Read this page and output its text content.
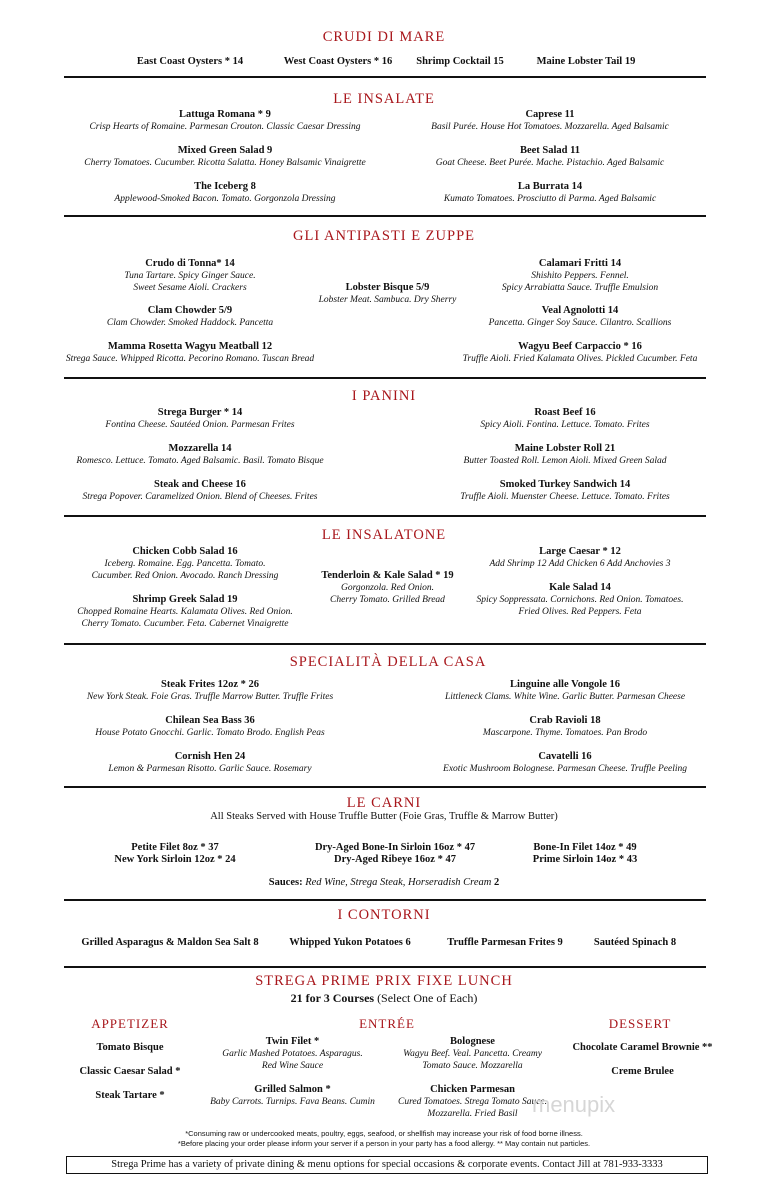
CRUDI DI MARE
East Coast Oysters * 14	West Coast Oysters * 16	Shrimp Cocktail 15	Maine Lobster Tail 19
LE INSALATE
Lattuga Romana * 9
Crisp Hearts of Romaine. Parmesan Crouton. Classic Caesar Dressing
Mixed Green Salad 9
Cherry Tomatoes. Cucumber. Ricotta Salatta. Honey Balsamic Vinaigrette
The Iceberg 8
Applewood-Smoked Bacon. Tomato. Gorgonzola Dressing
Caprese 11
Basil Purée. House Hot Tomatoes. Mozzarella. Aged Balsamic
Beet Salad 11
Goat Cheese. Beet Purée. Mache. Pistachio. Aged Balsamic
La Burrata 14
Kumato Tomatoes. Prosciutto di Parma. Aged Balsamic
GLI ANTIPASTI E ZUPPE
Crudo di Tonna* 14
Tuna Tartare. Spicy Ginger Sauce.
Sweet Sesame Aioli. Crackers
Clam Chowder 5/9
Clam Chowder. Smoked Haddock. Pancetta
Mamma Rosetta Wagyu Meatball 12
Strega Sauce. Whipped Ricotta. Pecorino Romano. Tuscan Bread
Lobster Bisque 5/9
Lobster Meat. Sambuca. Dry Sherry
Calamari Fritti 14
Shishito Peppers. Fennel.
Spicy Arrabiatta Sauce. Truffle Emulsion
Veal Agnolotti 14
Pancetta. Ginger Soy Sauce. Cilantro. Scallions
Wagyu Beef Carpaccio * 16
Truffle Aioli. Fried Kalamata Olives. Pickled Cucumber. Feta
I PANINI
Strega Burger * 14
Fontina Cheese. Sautéed Onion. Parmesan Frites
Mozzarella 14
Romesco. Lettuce. Tomato. Aged Balsamic. Basil. Tomato Bisque
Steak and Cheese 16
Strega Popover. Caramelized Onion. Blend of Cheeses. Frites
Roast Beef 16
Spicy Aioli. Fontina. Lettuce. Tomato. Frites
Maine Lobster Roll 21
Butter Toasted Roll. Lemon Aioli. Mixed Green Salad
Smoked Turkey Sandwich 14
Truffle Aioli. Muenster Cheese. Lettuce. Tomato. Frites
LE INSALATONE
Chicken Cobb Salad 16
Iceberg. Romaine. Egg. Pancetta. Tomato.
Cucumber. Red Onion. Avocado. Ranch Dressing
Shrimp Greek Salad 19
Chopped Romaine Hearts. Kalamata Olives. Red Onion.
Cherry Tomato. Cucumber. Feta. Cabernet Vinaigrette
Tenderloin & Kale Salad * 19
Gorgonzola. Red Onion.
Cherry Tomato. Grilled Bread
Large Caesar * 12
Add Shrimp 12 Add Chicken 6 Add Anchovies 3
Kale Salad 14
Spicy Soppressata. Cornichons. Red Onion. Tomatoes.
Fried Olives. Red Peppers. Feta
SPECIALITÀ DELLA CASA
Steak Frites 12oz * 26
New York Steak. Foie Gras. Truffle Marrow Butter. Truffle Frites
Chilean Sea Bass 36
House Potato Gnocchi. Garlic. Tomato Brodo. English Peas
Cornish Hen 24
Lemon & Parmesan Risotto. Garlic Sauce. Rosemary
Linguine alle Vongole 16
Littleneck Clams. White Wine. Garlic Butter. Parmesan Cheese
Crab Ravioli 18
Mascarpone. Thyme. Tomatoes. Pan Brodo
Cavatelli 16
Exotic Mushroom Bolognese. Parmesan Cheese. Truffle Peeling
LE CARNI
All Steaks Served with House Truffle Butter (Foie Gras, Truffle & Marrow Butter)
Petite Filet 8oz * 37
New York Sirloin 12oz * 24
Dry-Aged Bone-In Sirloin 16oz * 47
Dry-Aged Ribeye 16oz * 47
Bone-In Filet 14oz * 49
Prime Sirloin 14oz * 43
Sauces: Red Wine, Strega Steak, Horseradish Cream 2
I CONTORNI
Grilled Asparagus & Maldon Sea Salt 8	Whipped Yukon Potatoes 6	Truffle Parmesan Frites 9	Sautéed Spinach 8
STREGA PRIME PRIX FIXE LUNCH
21 for 3 Courses (Select One of Each)
APPETIZER
Tomato Bisque
Classic Caesar Salad *
Steak Tartare *
ENTRÉE
Twin Filet *
Garlic Mashed Potatoes. Asparagus.
Red Wine Sauce
Grilled Salmon *
Baby Carrots. Turnips. Fava Beans. Cumin
Bolognese
Wagyu Beef. Veal. Pancetta. Creamy
Tomato Sauce. Mozzarella
Chicken Parmesan
Cured Tomatoes. Strega Tomato Sauce.
Mozzarella. Fried Basil
DESSERT
Chocolate Caramel Brownie **
Creme Brulee
menupix
*Consuming raw or undercooked meats, poultry, eggs, seafood, or shellfish may increase your risk of food borne illness.
*Before placing your order please inform your server if a person in your party has a food allergy. ** May contain nut particles.
Strega Prime has a variety of private dining & menu options for special occasions & corporate events. Contact Jill at 781-933-3333
